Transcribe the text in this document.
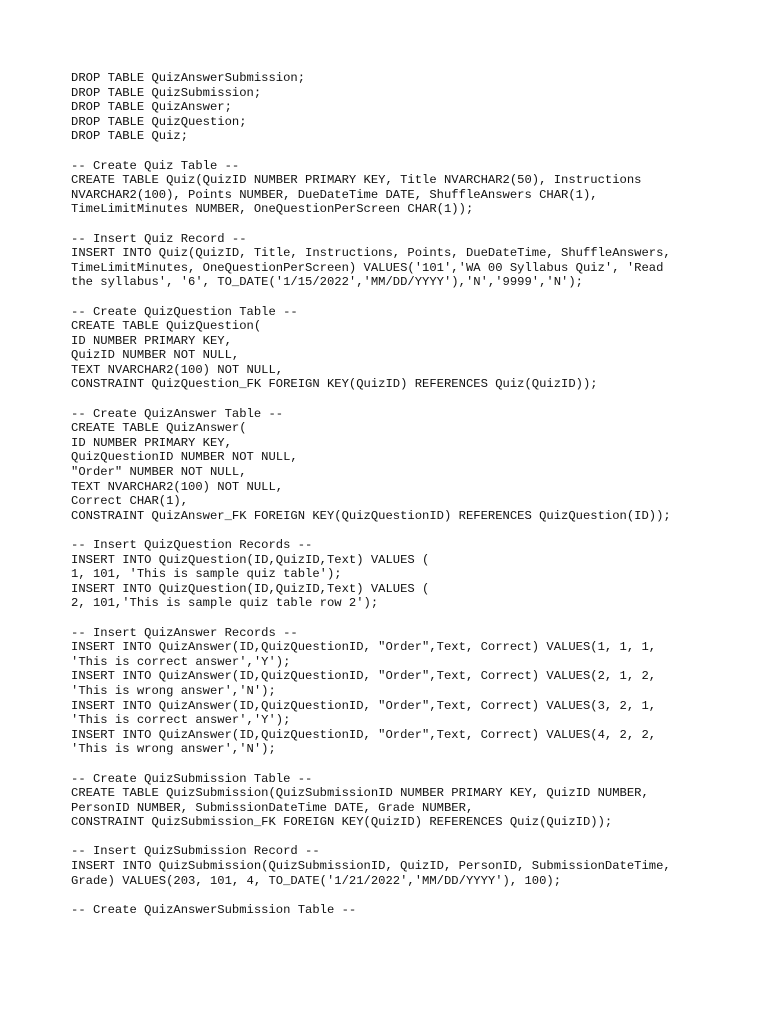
DROP TABLE QuizAnswerSubmission;
DROP TABLE QuizSubmission;
DROP TABLE QuizAnswer;
DROP TABLE QuizQuestion;
DROP TABLE Quiz;
-- Create Quiz Table --
CREATE TABLE Quiz(QuizID NUMBER PRIMARY KEY, Title NVARCHAR2(50), Instructions
NVARCHAR2(100), Points NUMBER, DueDateTime DATE, ShuffleAnswers CHAR(1),
TimeLimitMinutes NUMBER, OneQuestionPerScreen CHAR(1));
-- Insert Quiz Record --
INSERT INTO Quiz(QuizID, Title, Instructions, Points, DueDateTime, ShuffleAnswers,
TimeLimitMinutes, OneQuestionPerScreen) VALUES('101','WA 00 Syllabus Quiz', 'Read
the syllabus', '6', TO_DATE('1/15/2022','MM/DD/YYYY'),'N','9999','N');
-- Create QuizQuestion Table --
CREATE TABLE QuizQuestion(
ID NUMBER PRIMARY KEY,
QuizID NUMBER NOT NULL,
TEXT NVARCHAR2(100) NOT NULL,
CONSTRAINT QuizQuestion_FK FOREIGN KEY(QuizID) REFERENCES Quiz(QuizID));
-- Create QuizAnswer Table --
CREATE TABLE QuizAnswer(
ID NUMBER PRIMARY KEY,
QuizQuestionID NUMBER NOT NULL,
"Order" NUMBER NOT NULL,
TEXT NVARCHAR2(100) NOT NULL,
Correct CHAR(1),
CONSTRAINT QuizAnswer_FK FOREIGN KEY(QuizQuestionID) REFERENCES QuizQuestion(ID));
-- Insert QuizQuestion Records --
INSERT INTO QuizQuestion(ID,QuizID,Text) VALUES (
1, 101, 'This is sample quiz table');
INSERT INTO QuizQuestion(ID,QuizID,Text) VALUES (
2, 101,'This is sample quiz table row 2');
-- Insert QuizAnswer Records --
INSERT INTO QuizAnswer(ID,QuizQuestionID, "Order",Text, Correct) VALUES(1, 1, 1,
'This is correct answer','Y');
INSERT INTO QuizAnswer(ID,QuizQuestionID, "Order",Text, Correct) VALUES(2, 1, 2,
'This is wrong answer','N');
INSERT INTO QuizAnswer(ID,QuizQuestionID, "Order",Text, Correct) VALUES(3, 2, 1,
'This is correct answer','Y');
INSERT INTO QuizAnswer(ID,QuizQuestionID, "Order",Text, Correct) VALUES(4, 2, 2,
'This is wrong answer','N');
-- Create QuizSubmission Table --
CREATE TABLE QuizSubmission(QuizSubmissionID NUMBER PRIMARY KEY, QuizID NUMBER,
PersonID NUMBER, SubmissionDateTime DATE, Grade NUMBER,
CONSTRAINT QuizSubmission_FK FOREIGN KEY(QuizID) REFERENCES Quiz(QuizID));
-- Insert QuizSubmission Record --
INSERT INTO QuizSubmission(QuizSubmissionID, QuizID, PersonID, SubmissionDateTime,
Grade) VALUES(203, 101, 4, TO_DATE('1/21/2022','MM/DD/YYYY'), 100);
-- Create QuizAnswerSubmission Table --
